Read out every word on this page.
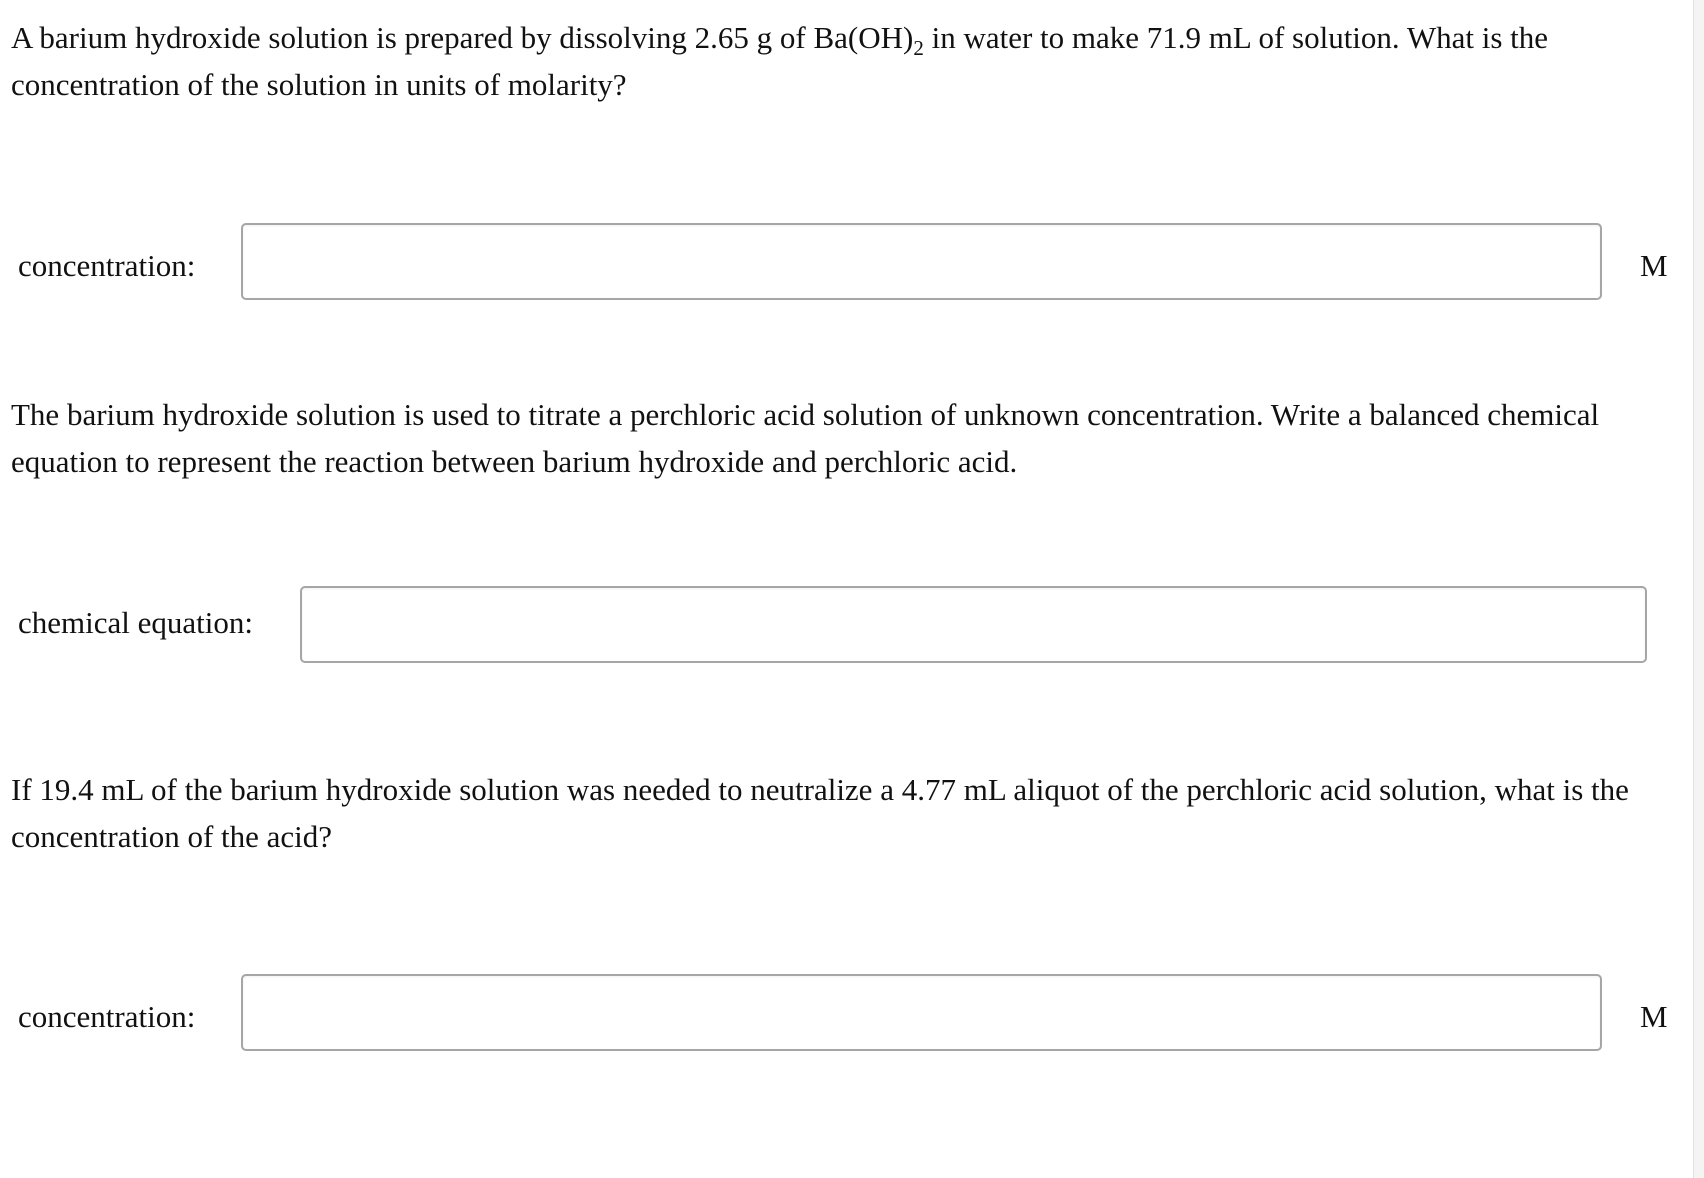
A barium hydroxide solution is prepared by dissolving 2.65 g of $Ba(OH)_2$ in water to make 71.9 mL of solution. What is the concentration of the solution in units of molarity?

concentration:	M

The barium hydroxide solution is used to titrate a perchloric acid solution of unknown concentration. Write a balanced chemical equation to represent the reaction between barium hydroxide and perchloric acid.

chemical equation:

If 19.4 mL of the barium hydroxide solution was needed to neutralize a 4.77 mL aliquot of the perchloric acid solution, what is the concentration of the acid?

concentration:	M
